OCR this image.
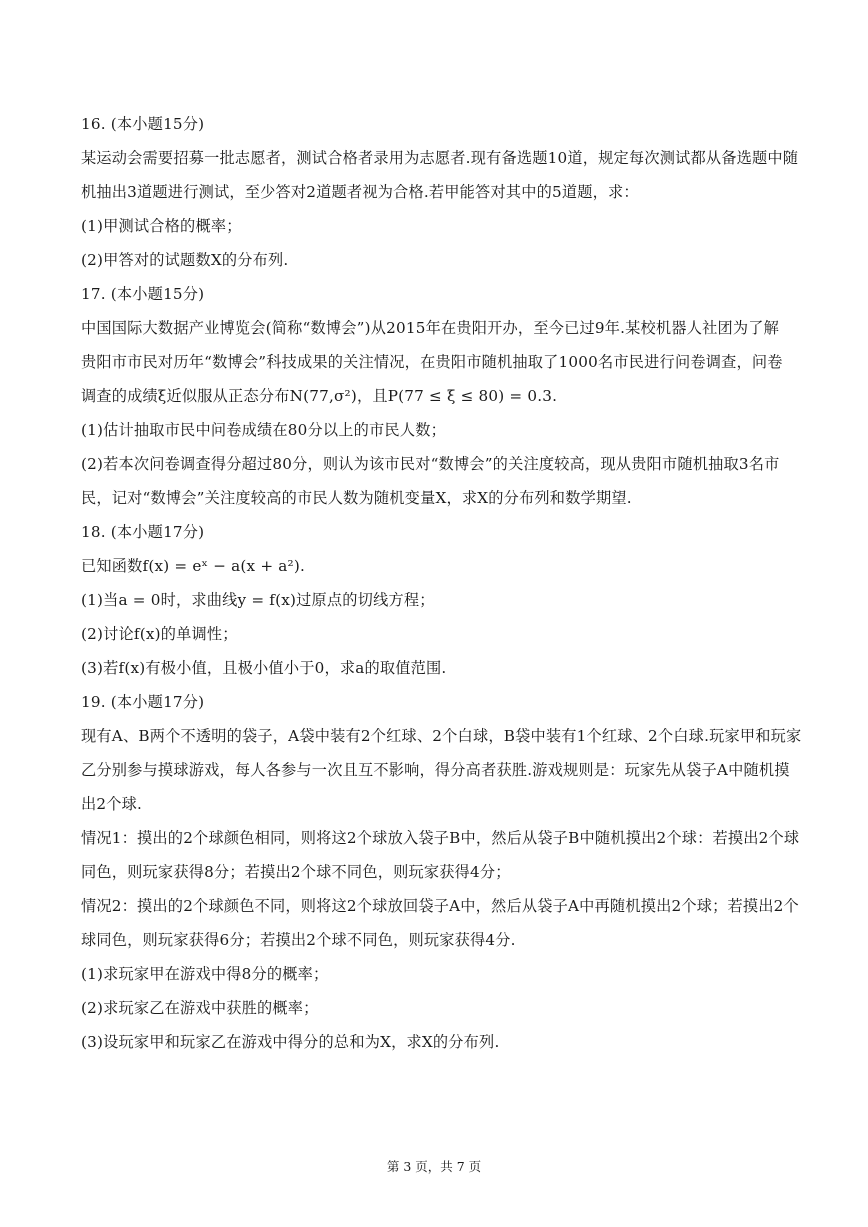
16. (本小题15分)
某运动会需要招募一批志愿者，测试合格者录用为志愿者.现有备选题10道，规定每次测试都从备选题中随
机抽出3道题进行测试，至少答对2道题者视为合格.若甲能答对其中的5道题，求：
(1)甲测试合格的概率；
(2)甲答对的试题数X的分布列.
17. (本小题15分)
中国国际大数据产业博览会(简称“数博会”)从2015年在贵阳开办，至今已过9年.某校机器人社团为了解
贵阳市市民对历年“数博会”科技成果的关注情况，在贵阳市随机抽取了1000名市民进行问卷调查，问卷
调查的成绩ξ近似服从正态分布N(77,σ²)，且P(77 ≤ ξ ≤ 80) = 0.3.
(1)估计抽取市民中问卷成绩在80分以上的市民人数；
(2)若本次问卷调查得分超过80分，则认为该市民对“数博会”的关注度较高，现从贵阳市随机抽取3名市
民，记对“数博会”关注度较高的市民人数为随机变量X，求X的分布列和数学期望.
18. (本小题17分)
已知函数f(x) = eˣ − a(x + a²).
(1)当a = 0时，求曲线y = f(x)过原点的切线方程；
(2)讨论f(x)的单调性；
(3)若f(x)有极小值，且极小值小于0，求a的取值范围.
19. (本小题17分)
现有A、B两个不透明的袋子，A袋中装有2个红球、2个白球，B袋中装有1个红球、2个白球.玩家甲和玩家
乙分别参与摸球游戏，每人各参与一次且互不影响，得分高者获胜.游戏规则是：玩家先从袋子A中随机摸
出2个球.
情况1：摸出的2个球颜色相同，则将这2个球放入袋子B中，然后从袋子B中随机摸出2个球：若摸出2个球
同色，则玩家获得8分；若摸出2个球不同色，则玩家获得4分；
情况2：摸出的2个球颜色不同，则将这2个球放回袋子A中，然后从袋子A中再随机摸出2个球；若摸出2个
球同色，则玩家获得6分；若摸出2个球不同色，则玩家获得4分.
(1)求玩家甲在游戏中得8分的概率；
(2)求玩家乙在游戏中获胜的概率；
(3)设玩家甲和玩家乙在游戏中得分的总和为X，求X的分布列.
第 3 页，共 7 页
